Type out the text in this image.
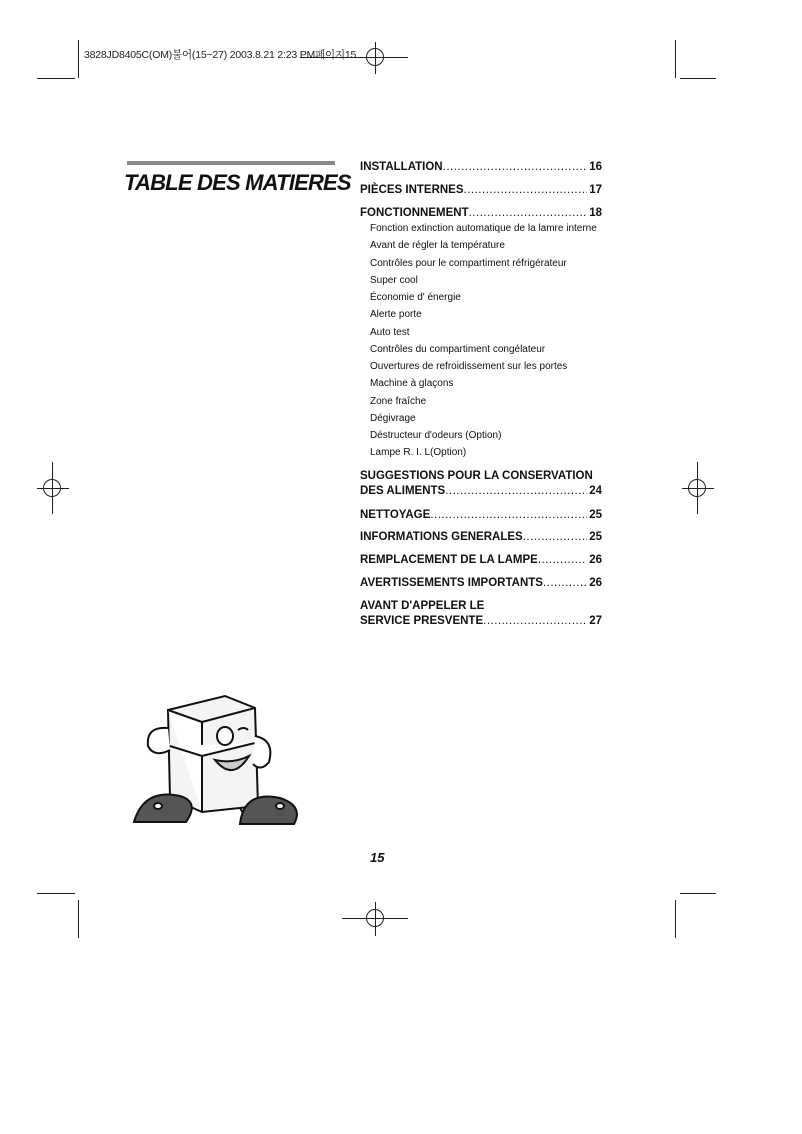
3828JD8405C(OM)불어(15~27) 2003.8.21 2:23 PM페이지15
TABLE DES MATIERES
INSTALLATION .....	16
PIÈCES INTERNES .....	17
FONCTIONNEMENT .....	18
Fonction extinction automatique de la lamre interne
Avant de régler la température
Contrôles pour le compartiment réfrigérateur
Super cool
Économie d' énergie
Alerte porte
Auto test
Contrôles du compartiment congélateur
Ouvertures de refroidissement sur les portes
Machine à glaçons
Zone fraîche
Dégivrage
Déstructeur d'odeurs (Option)
Lampe R. I. L(Option)
SUGGESTIONS POUR LA CONSERVATION
DES ALIMENTS .....	24
NETTOYAGE .....	25
INFORMATIONS GENERALES .....	25
REMPLACEMENT DE LA LAMPE .....	26
AVERTISSEMENTS IMPORTANTS .....	26
AVANT D'APPELER LE
SERVICE PRESVENTE .....	27
15
